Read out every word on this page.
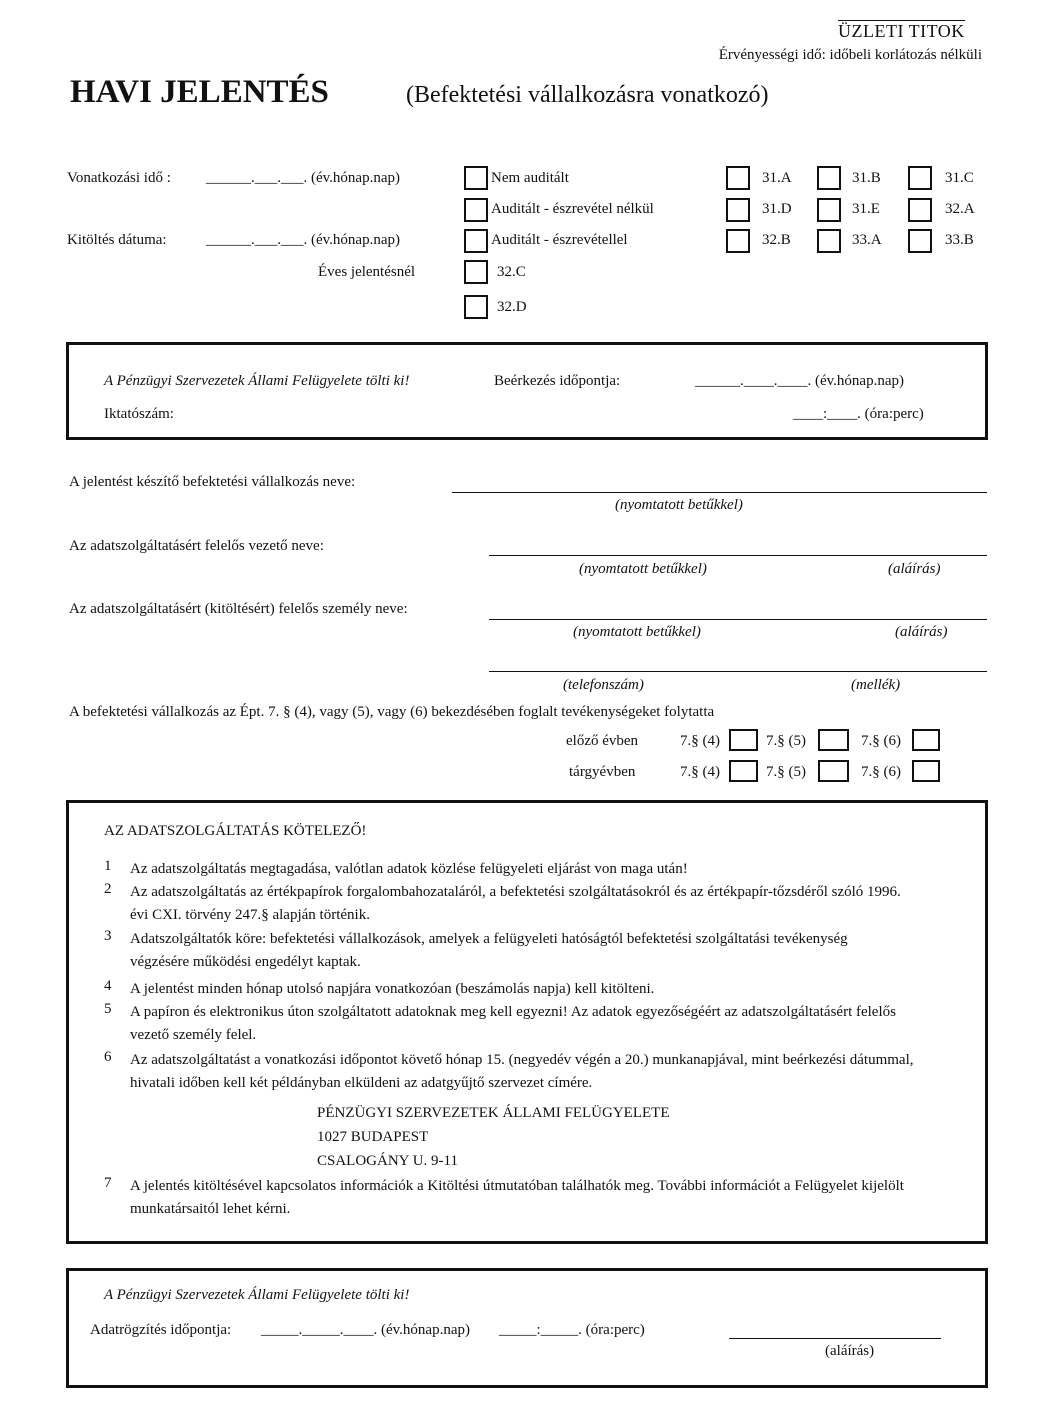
ÜZLETI TITOK
Érvényességi idő: időbeli korlátozás nélküli
HAVI JELENTÉS	(Befektetési vállalkozásra vonatkozó)
Vonatkozási idő : ______.___.___. (év.hónap.nap)
Kitöltés dátuma:	______.___.___. (év.hónap.nap)
Éves jelentésnél
Nem auditált
Auditált - észrevétel nélkül
Auditált - észrevétellel
32.C
32.D
31.A	31.B	31.C
31.D	31.E	32.A
32.B	33.A	33.B
A Pénzügyi Szervezetek Állami Felügyelete tölti ki!	Beérkezés időpontja:	______.____.____. (év.hónap.nap)
Iktatószám:	____:____. (óra:perc)
A jelentést készítő befektetési vállalkozás neve:
(nyomtatott betűkkel)
Az adatszolgáltatásért felelős vezető neve:
(nyomtatott betűkkel)	(aláírás)
Az adatszolgáltatásért (kitöltésért) felelős személy neve:
(nyomtatott betűkkel)	(aláírás)
(telefonszám)	(mellék)
A befektetési vállalkozás az Épt. 7. § (4), vagy (5), vagy (6) bekezdésében foglalt tevékenységeket folytatta
előző évben	7.§ (4)	7.§ (5)	7.§ (6)
tárgyévben	7.§ (4)	7.§ (5)	7.§ (6)
AZ ADATSZOLGÁLTATÁS KÖTELEZŐ!
1	Az adatszolgáltatás megtagadása, valótlan adatok közlése felügyeleti eljárást von maga után!
2	Az adatszolgáltatás az értékpapírok forgalombahozataláról, a befektetési szolgáltatásokról és az értékpapír-tőzsdéről szóló 1996. évi CXI. törvény 247.§ alapján történik.
3	Adatszolgáltatók köre: befektetési vállalkozások, amelyek a felügyeleti hatóságtól befektetési szolgáltatási tevékenység végzésére működési engedélyt kaptak.
4	A jelentést minden hónap utolsó napjára vonatkozóan (beszámolás napja) kell kitölteni.
5	A papíron és elektronikus úton szolgáltatott adatoknak meg kell egyezni! Az adatok egyezőségéért az adatszolgáltatásért felelős vezető személy felel.
6	Az adatszolgáltatást a vonatkozási időpontot követő hónap 15. (negyedév végén a 20.) munkanapjával, mint beérkezési dátummal, hivatali időben kell két példányban elküldeni az adatgyűjtő szervezet címére.
PÉNZÜGYI SZERVEZETEK ÁLLAMI FELÜGYELETE
1027 BUDAPEST
CSALOGÁNY U. 9-11
7	A jelentés kitöltésével kapcsolatos információk a Kitöltési útmutatóban találhatók meg. További információt a Felügyelet kijelölt munkatársaitól lehet kérni.
A Pénzügyi Szervezetek Állami Felügyelete tölti ki!
Adatrögzítés időpontja: _____._____.____. (év.hónap.nap) _____:_____. (óra:perc)
(aláírás)
